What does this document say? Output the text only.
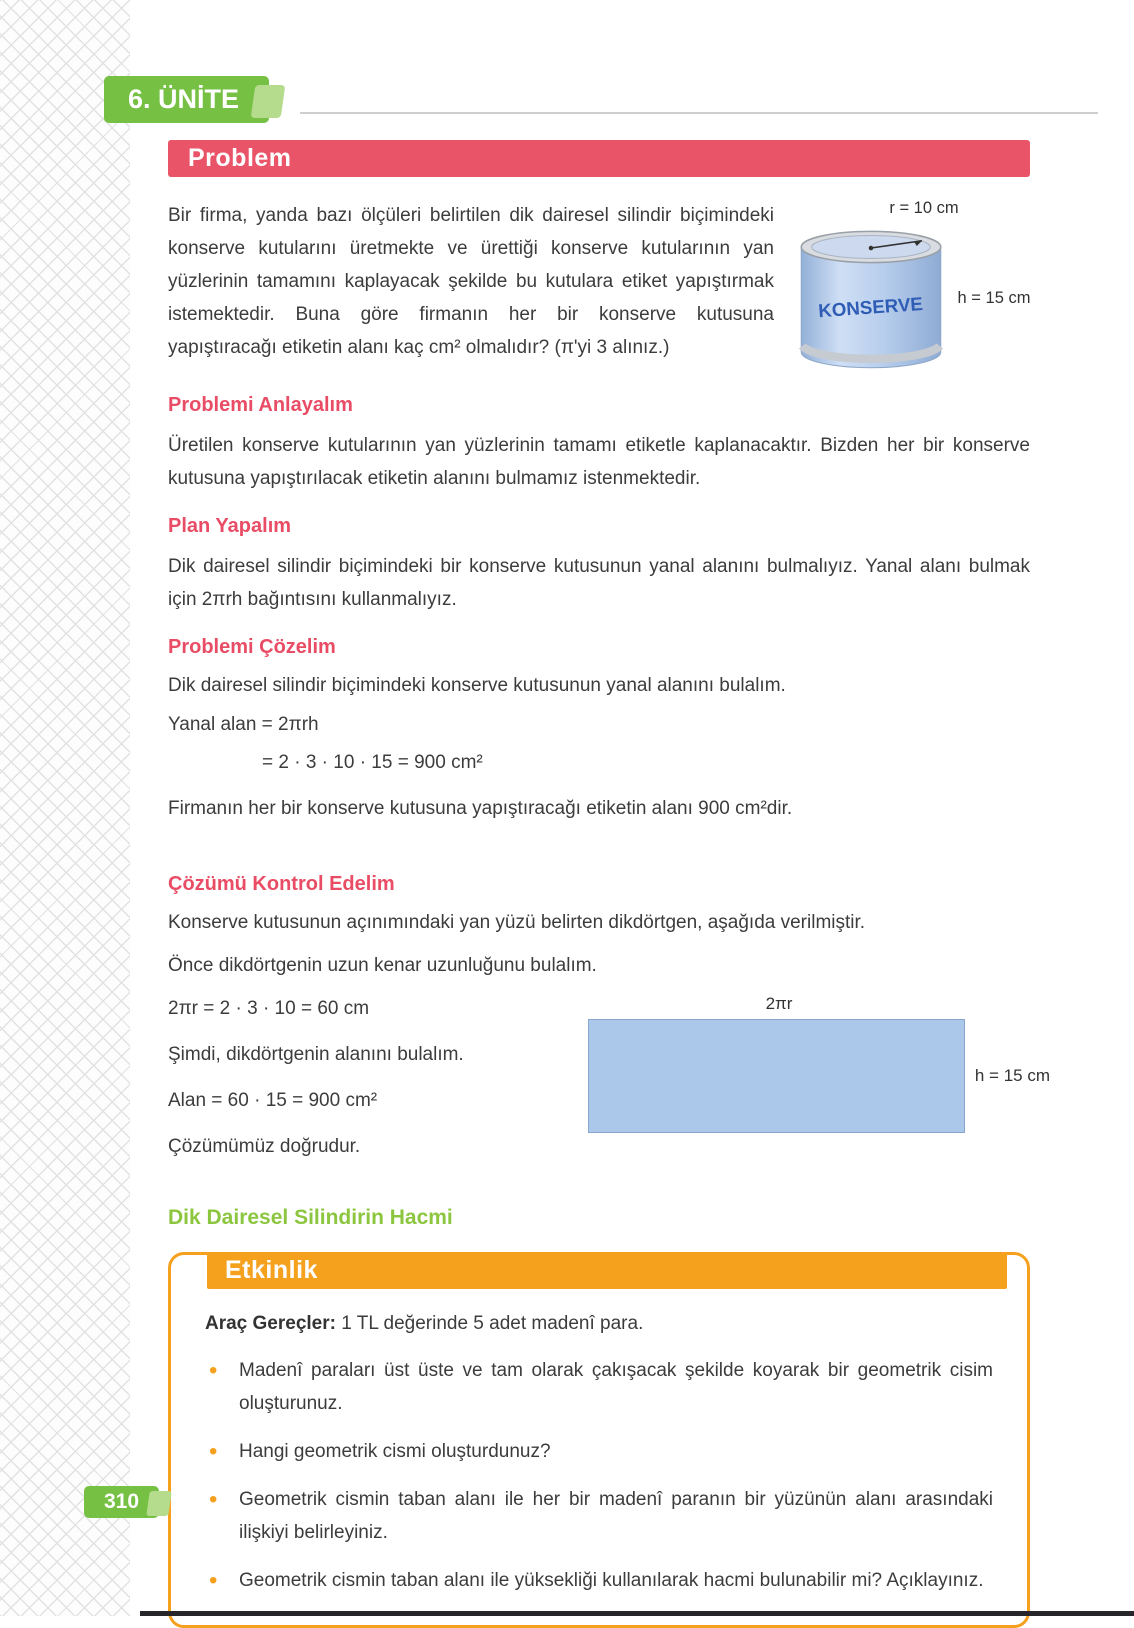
6. ÜNİTE
Problem
Bir firma, yanda bazı ölçüleri belirtilen dik dairesel silindir biçimindeki konserve kutularını üretmekte ve ürettiği konserve kutularının yan yüzlerinin tamamını kaplayacak şekilde bu kutulara etiket yapıştırmak istemektedir. Buna göre firmanın her bir konserve kutusuna yapıştıracağı etiketin alanı kaç cm² olmalıdır? (π'yi 3 alınız.)
r = 10 cm
KONSERVE h = 15 cm
Problemi Anlayalım
Üretilen konserve kutularının yan yüzlerinin tamamı etiketle kaplanacaktır. Bizden her bir konserve kutusuna yapıştırılacak etiketin alanını bulmamız istenmektedir.
Plan Yapalım
Dik dairesel silindir biçimindeki bir konserve kutusunun yanal alanını bulmalıyız. Yanal alanı bulmak için 2πrh bağıntısını kullanmalıyız.
Problemi Çözelim
Dik dairesel silindir biçimindeki konserve kutusunun yanal alanını bulalım.
Yanal alan = 2πrh
= 2 · 3 · 10 · 15 = 900 cm²
Firmanın her bir konserve kutusuna yapıştıracağı etiketin alanı 900 cm²dir.
Çözümü Kontrol Edelim
Konserve kutusunun açınımındaki yan yüzü belirten dikdörtgen, aşağıda verilmiştir.
Önce dikdörtgenin uzun kenar uzunluğunu bulalım.
2πr = 2 · 3 · 10 = 60 cm
Şimdi, dikdörtgenin alanını bulalım.
Alan = 60 · 15 = 900 cm²
Çözümümüz doğrudur.
2πr
h = 15 cm
Dik Dairesel Silindirin Hacmi
Etkinlik
Araç Gereçler: 1 TL değerinde 5 adet madenî para.
•	Madenî paraları üst üste ve tam olarak çakışacak şekilde koyarak bir geometrik cisim oluşturunuz.
•	Hangi geometrik cismi oluşturdunuz?
•	Geometrik cismin taban alanı ile her bir madenî paranın bir yüzünün alanı arasındaki ilişkiyi belirleyiniz.
•	Geometrik cismin taban alanı ile yüksekliği kullanılarak hacmi bulunabilir mi? Açıklayınız.
310
